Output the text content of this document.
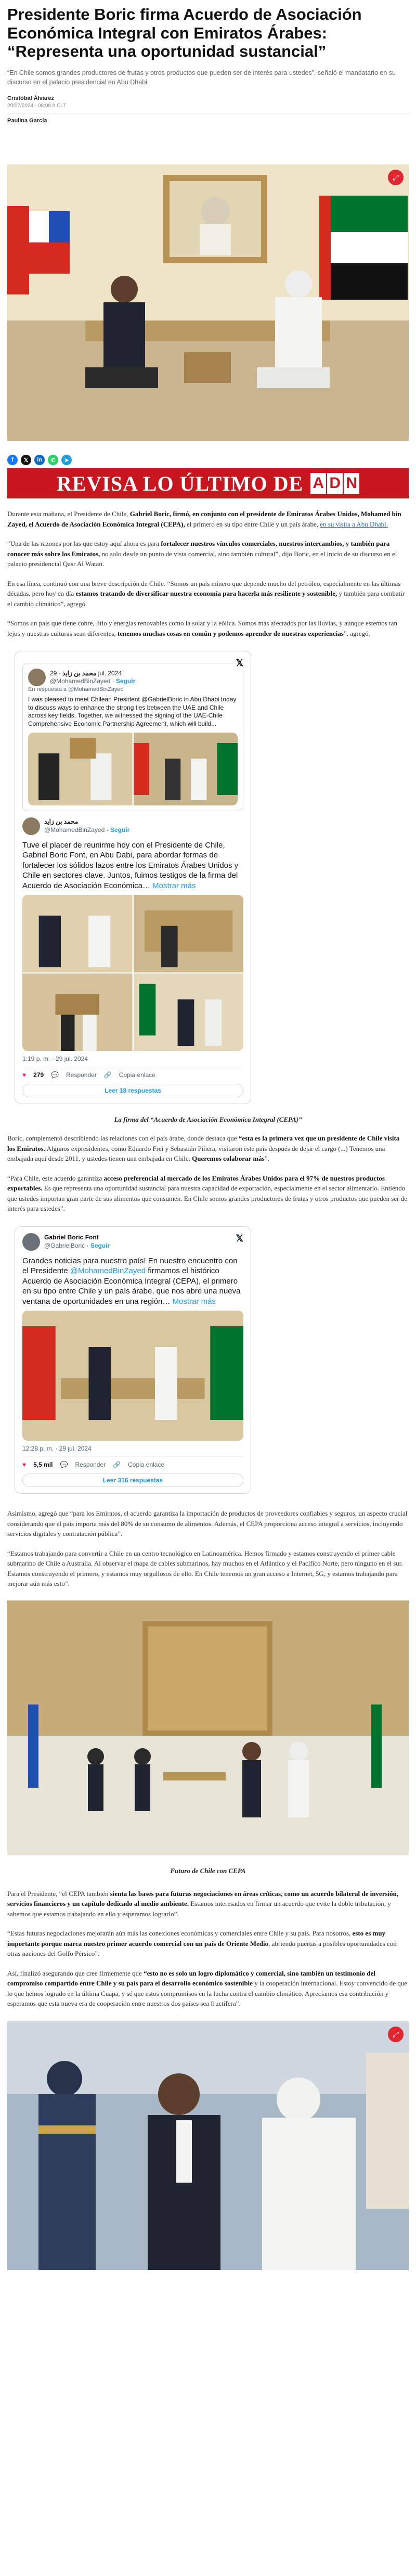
Presidente Boric firma Acuerdo de Asociación Económica Integral con Emiratos Árabes: “Representa una oportunidad sustancial”

“En Chile somos grandes productores de frutas y otros productos que pueden ser de interés para ustedes”, señaló el mandatario en su discurso en el palacio presidencial en Abu Dhabi.

Cristóbal Álvarez
29/07/2024 - 08:08 h CLT
Paulina García
⤢
f	𝕏	in	✆	➤
REVISA LO ÚLTIMO DE A D N

Durante esta mañana, el Presidente de Chile, Gabriel Boric, firmó, en conjunto con el presidente de Emiratos Árabes Unidos, Mohamed bin Zayed, el Acuerdo de Asociación Económica Integral (CEPA), el primero en su tipo entre Chile y un país árabe, en su visita a Abu Dhabi.

“Una de las razones por las que estoy aquí ahora es para fortalecer nuestros vínculos comerciales, nuestros intercambios, y también para conocer más sobre los Emiratos, no solo desde un punto de vista comercial, sino también cultural”, dijo Boric, en el inicio de su discurso en el palacio presidencial Qasr Al Watan.

En esa línea, continuó con una breve descripción de Chile. “Somos un país minero que depende mucho del petróleo, especialmente en las últimas décadas, pero hoy en día estamos tratando de diversificar nuestra economía para hacerla más resiliente y sostenible, y también para combatir el cambio climático”, agregó.

“Somos un país que tiene cobre, litio y energías renovables como la solar y la eólica. Somos más afectados por las lluvias, y aunque estemos tan lejos y nuestras culturas sean diferentes, tenemos muchas cosas en común y podemos aprender de nuestras experiencias”, agregó.

𝕏
محمد بن زايد · 29 jul. 2024
@MohamedBinZayed · Seguir
En respuesta a @MohamedBinZayed
I was pleased to meet Chilean President @GabrielBoric in Abu Dhabi today to discuss ways to enhance the strong ties between the UAE and Chile across key fields. Together, we witnessed the signing of the UAE-Chile Comprehensive Economic Partnership Agreement, which will build...
محمد بن زايد
@MohamedBinZayed · Seguir
Tuve el placer de reunirme hoy con el Presidente de Chile, Gabriel Boric Font, en Abu Dabi, para abordar formas de fortalecer los sólidos lazos entre los Emiratos Árabes Unidos y Chile en sectores clave. Juntos, fuimos testigos de la firma del Acuerdo de Asociación Económica… Mostrar más
1:19 p. m. · 29 jul. 2024
♥ 279 💬 Responder 🔗 Copia enlace
Leer 18 respuestas
La firma del “Acuerdo de Asociación Económica Integral (CEPA)”

Boric, complementó describiendo las relaciones con el país árabe, donde destaca que “esta es la primera vez que un presidente de Chile visita los Emiratos. Algunos expresidentes, como Eduardo Frei y Sebastián Piñera, visitaron este país después de dejar el cargo (...) Tenemos una embajada aquí desde 2011, y ustedes tienen una embajada en Chile. Queremos colaborar más”.

“Para Chile, este acuerdo garantiza acceso preferencial al mercado de los Emiratos Árabes Unidos para el 97% de nuestros productos exportables. Es que representa una oportunidad sustancial para nuestra capacidad de exportación, especialmente en el sector alimentario. Entiendo que ustedes importan gran parte de sus alimentos que consumen. En Chile somos grandes productores de frutas y otros productos que pueden ser de interés para ustedes”.

𝕏
Gabriel Boric Font
@GabrielBoric · Seguir
Grandes noticias para nuestro país! En nuestro encuentro con el Presidente @MohamedBinZayed firmamos el histórico Acuerdo de Asociación Económica Integral (CEPA), el primero en su tipo entre Chile y un país árabe, que nos abre una nueva ventana de oportunidades en una región… Mostrar más
12:28 p. m. · 29 jul. 2024
♥ 5,5 mil 💬 Responder 🔗 Copia enlace
Leer 316 respuestas

Asimismo, agregó que “para los Emiratos, el acuerdo garantiza la importación de productos de proveedores confiables y seguros, un aspecto crucial considerando que el país importa más del 80% de su consumo de alimentos. Además, el CEPA proporciona acceso integral a servicios, incluyendo servicios digitales y contratación pública”.

“Estamos trabajando para convertir a Chile en un centro tecnológico en Latinoamérica. Hemos firmado y estamos construyendo el primer cable submarino de Chile a Australia. Al observar el mapa de cables submarinos, hay muchos en el Atlántico y el Pacífico Norte, pero ninguno en el sur. Estamos construyendo el primero, y estamos muy orgullosos de ello. En Chile tenemos un gran acceso a Internet, 5G, y estamos trabajando para mejorar aún más esto”.

Futuro de Chile con CEPA

Para el Presidente, “el CEPA también sienta las bases para futuras negociaciones en áreas críticas, como un acuerdo bilateral de inversión, servicios financieros y un capítulo dedicado al medio ambiente. Estamos interesados en firmar un acuerdo que evite la doble tributación, y sabemos que estamos trabajando en ello y esperamos lograrlo”.

“Estas futuras negociaciones mejorarán aún más las conexiones económicas y comerciales entre Chile y su país. Para nosotros, esto es muy importante porque marca nuestro primer acuerdo comercial con un país de Oriente Medio, abriendo puertas a posibles oportunidades con otras naciones del Golfo Pérsico”.

Así, finalizó asegurando que cree firmemente que “esto no es solo un logro diplomático y comercial, sino también un testimonio del compromiso compartido entre Chile y su país para el desarrollo económico sostenible y la cooperación internacional. Estoy convencido de que lo que hemos logrado en la última Cuapa, y sé que estos compromisos en la lucha contra el cambio climático. Apreciamos esa contribución y esperamos que esta nueva era de cooperación entre nuestros dos países sea fructífera”.

⤢
